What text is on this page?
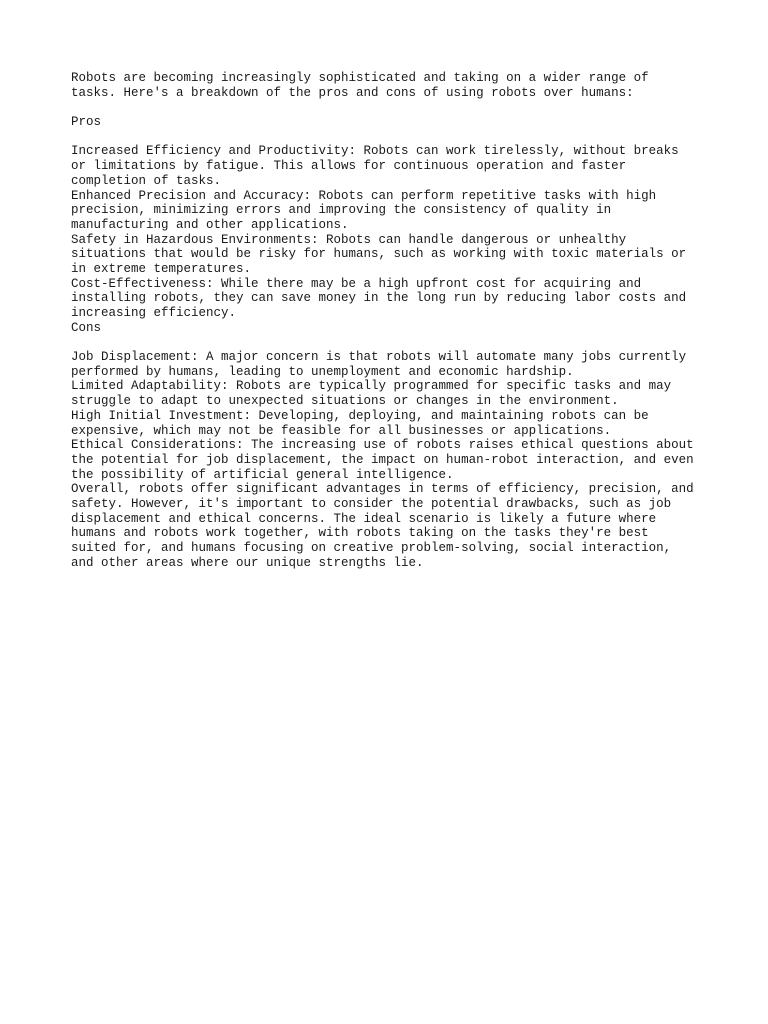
Robots are becoming increasingly sophisticated and taking on a wider range of
tasks. Here's a breakdown of the pros and cons of using robots over humans:
Pros
Increased Efficiency and Productivity: Robots can work tirelessly, without breaks
or limitations by fatigue. This allows for continuous operation and faster
completion of tasks.
Enhanced Precision and Accuracy: Robots can perform repetitive tasks with high
precision, minimizing errors and improving the consistency of quality in
manufacturing and other applications.
Safety in Hazardous Environments: Robots can handle dangerous or unhealthy
situations that would be risky for humans, such as working with toxic materials or
in extreme temperatures.
Cost-Effectiveness: While there may be a high upfront cost for acquiring and
installing robots, they can save money in the long run by reducing labor costs and
increasing efficiency.
Cons
Job Displacement: A major concern is that robots will automate many jobs currently
performed by humans, leading to unemployment and economic hardship.
Limited Adaptability: Robots are typically programmed for specific tasks and may
struggle to adapt to unexpected situations or changes in the environment.
High Initial Investment: Developing, deploying, and maintaining robots can be
expensive, which may not be feasible for all businesses or applications.
Ethical Considerations: The increasing use of robots raises ethical questions about
the potential for job displacement, the impact on human-robot interaction, and even
the possibility of artificial general intelligence.
Overall, robots offer significant advantages in terms of efficiency, precision, and
safety. However, it's important to consider the potential drawbacks, such as job
displacement and ethical concerns. The ideal scenario is likely a future where
humans and robots work together, with robots taking on the tasks they're best
suited for, and humans focusing on creative problem-solving, social interaction,
and other areas where our unique strengths lie.
